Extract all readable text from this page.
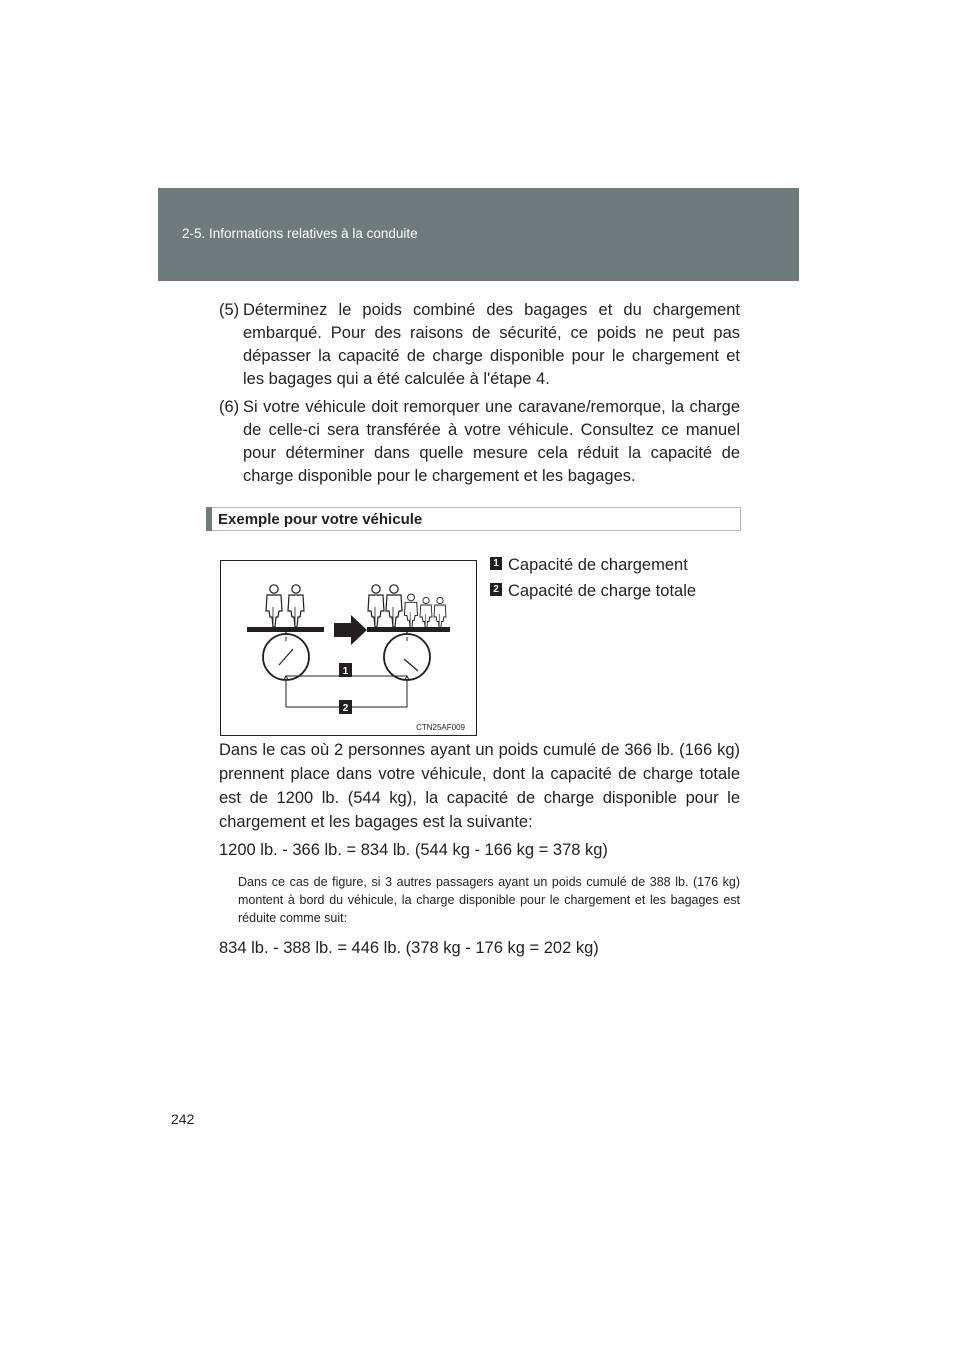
2-5. Informations relatives à la conduite
(5) Déterminez le poids combiné des bagages et du chargement embarqué. Pour des raisons de sécurité, ce poids ne peut pas dépasser la capacité de charge disponible pour le chargement et les bagages qui a été calculée à l'étape 4.
(6) Si votre véhicule doit remorquer une caravane/remorque, la charge de celle-ci sera transférée à votre véhicule. Consultez ce manuel pour déterminer dans quelle mesure cela réduit la capacité de charge disponible pour le chargement et les bagages.
Exemple pour votre véhicule
1
2
CTN25AF009
1 Capacité de chargement
2 Capacité de charge totale
Dans le cas où 2 personnes ayant un poids cumulé de 366 lb. (166 kg) prennent place dans votre véhicule, dont la capacité de charge totale est de 1200 lb. (544 kg), la capacité de charge disponible pour le chargement et les bagages est la suivante:
1200 lb. - 366 lb. = 834 lb. (544 kg - 166 kg = 378 kg)
Dans ce cas de figure, si 3 autres passagers ayant un poids cumulé de 388 lb. (176 kg) montent à bord du véhicule, la charge disponible pour le chargement et les bagages est réduite comme suit:
834 lb. - 388 lb. = 446 lb. (378 kg - 176 kg = 202 kg)
242
